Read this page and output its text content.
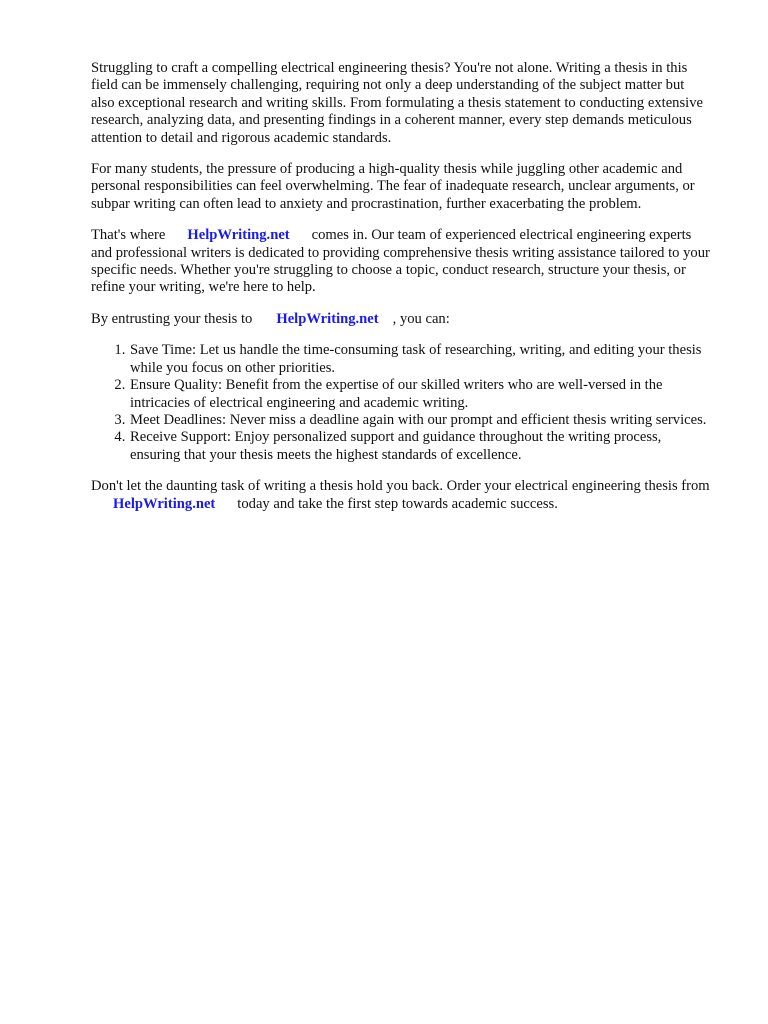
Struggling to craft a compelling electrical engineering thesis? You're not alone. Writing a thesis in this field can be immensely challenging, requiring not only a deep understanding of the subject matter but also exceptional research and writing skills. From formulating a thesis statement to conducting extensive research, analyzing data, and presenting findings in a coherent manner, every step demands meticulous attention to detail and rigorous academic standards.

For many students, the pressure of producing a high-quality thesis while juggling other academic and personal responsibilities can feel overwhelming. The fear of inadequate research, unclear arguments, or subpar writing can often lead to anxiety and procrastination, further exacerbating the problem.

That's where HelpWriting.net comes in. Our team of experienced electrical engineering experts and professional writers is dedicated to providing comprehensive thesis writing assistance tailored to your specific needs. Whether you're struggling to choose a topic, conduct research, structure your thesis, or refine your writing, we're here to help.

By entrusting your thesis to HelpWriting.net , you can:

1. Save Time: Let us handle the time-consuming task of researching, writing, and editing your thesis while you focus on other priorities.
2. Ensure Quality: Benefit from the expertise of our skilled writers who are well-versed in the intricacies of electrical engineering and academic writing.
3. Meet Deadlines: Never miss a deadline again with our prompt and efficient thesis writing services.
4. Receive Support: Enjoy personalized support and guidance throughout the writing process, ensuring that your thesis meets the highest standards of excellence.

Don't let the daunting task of writing a thesis hold you back. Order your electrical engineering thesis fromHelpWriting.net today and take the first step towards academic success.
